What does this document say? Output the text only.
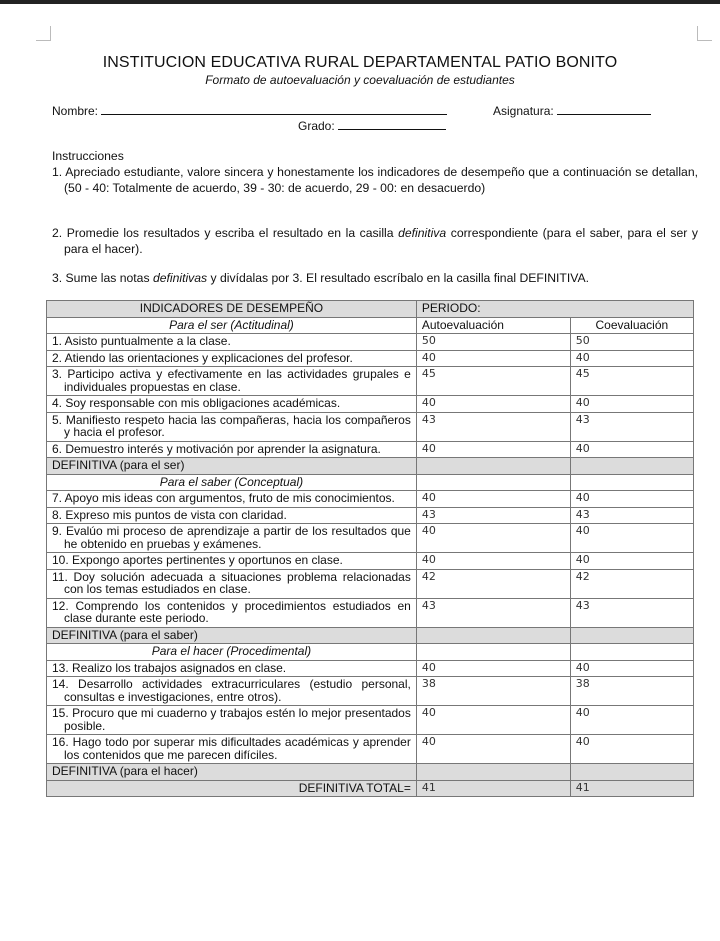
INSTITUCION EDUCATIVA RURAL DEPARTAMENTAL PATIO BONITO
Formato de autoevaluación y coevaluación de estudiantes
Nombre:	Asignatura:
Grado:

Instrucciones

1. Apreciado estudiante, valore sincera y honestamente los indicadores de desempeño que a continuación se detallan, (50 - 40: Totalmente de acuerdo, 39 - 30: de acuerdo, 29 - 00: en desacuerdo)

2. Promedie los resultados y escriba el resultado en la casilla definitiva correspondiente (para el saber, para el ser y para el hacer).

3. Sume las notas definitivas y divídalas por 3. El resultado escríbalo en la casilla final DEFINITIVA.

INDICADORES DE DESEMPEÑO	PERIODO:	
Para el ser (Actitudinal)	Autoevaluación	Coevaluación

1. Asisto puntualmente a la clase.	50	50

2. Atiendo las orientaciones y explicaciones del profesor.	40	40

3. Participo activa y efectivamente en las actividades grupales e individuales propuestas en clase.	45	45

4. Soy responsable con mis obligaciones académicas.	40	40

5. Manifiesto respeto hacia las compañeras, hacia los compañeros y hacia el profesor.	43	43

6. Demuestro interés y motivación por aprender la asignatura.	40	40
DEFINITIVA (para el ser)		
Para el saber (Conceptual)		

7. Apoyo mis ideas con argumentos, fruto de mis conocimientos.	40	40

8. Expreso mis puntos de vista con claridad.	43	43

9. Evalúo mi proceso de aprendizaje a partir de los resultados que he obtenido en pruebas y exámenes.	40	40

10. Expongo aportes pertinentes y oportunos en clase.	40	40

11. Doy solución adecuada a situaciones problema relacionadas con los temas estudiados en clase.	42	42

12. Comprendo los contenidos y procedimientos estudiados en clase durante este periodo.	43	43
DEFINITIVA (para el saber)		
Para el hacer (Procedimental)		

13. Realizo los trabajos asignados en clase.	40	40

14. Desarrollo actividades extracurriculares (estudio personal, consultas e investigaciones, entre otros).	38	38

15. Procuro que mi cuaderno y trabajos estén lo mejor presentados posible.	40	40

16. Hago todo por superar mis dificultades académicas y aprender los contenidos que me parecen difíciles.	40	40
DEFINITIVA (para el hacer)		
DEFINITIVA TOTAL=	41	41
